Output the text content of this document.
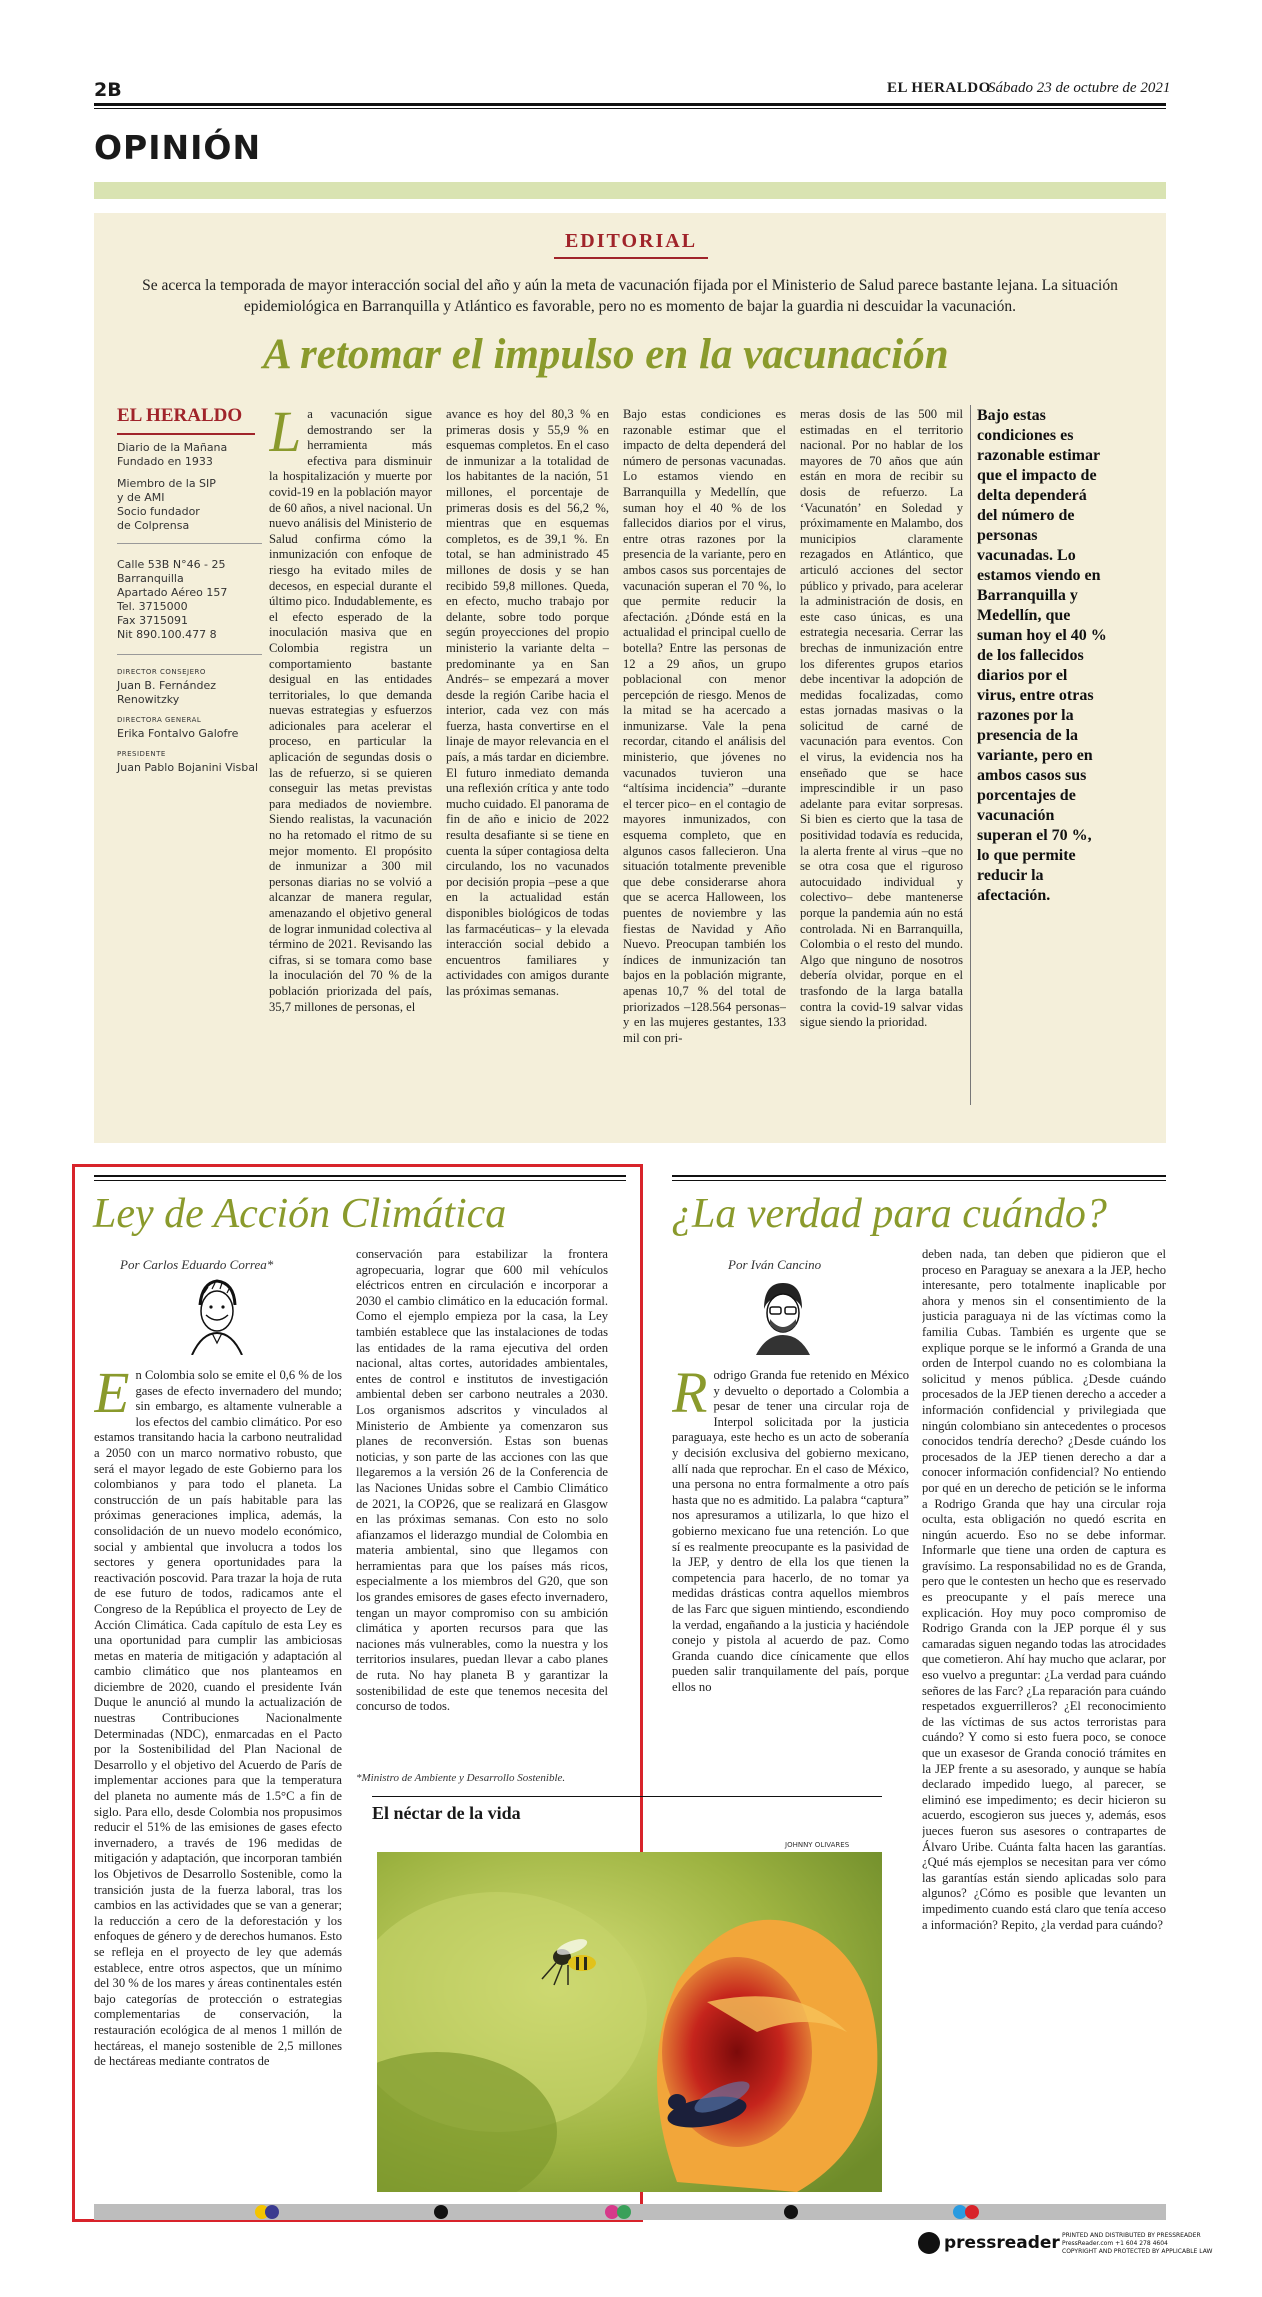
2B	EL HERALDO
Sábado 23 de octubre de 2021
OPINIÓN
EDITORIAL
Se acerca la temporada de mayor interacción social del año y aún la meta de vacunación fijada por el Ministerio de Salud parece bastante lejana. La situación epidemiológica en Barranquilla y Atlántico es favorable, pero no es momento de bajar la guardia ni descuidar la vacunación.
A retomar el impulso en la vacunación
EL HERALDO
Diario de la Mañana
Fundado en 1933
Miembro de la SIP
y de AMI
Socio fundador
de Colprensa
Calle 53B N°46 - 25
Barranquilla
Apartado Aéreo 157
Tel. 3715000
Fax 3715091
Nit 890.100.477 8
DIRECTOR CONSEJERO
Juan B. Fernández Renowitzky
DIRECTORA GENERAL
Erika Fontalvo Galofre
PRESIDENTE
Juan Pablo Bojanini Visbal
L a vacunación sigue demostrando ser la herramienta más efectiva para disminuir la hospitalización y muerte por covid-19 en la población mayor de 60 años, a nivel nacional. Un nuevo análisis del Ministerio de Salud confirma cómo la inmunización con enfoque de riesgo ha evitado miles de decesos, en especial durante el último pico. Indudablemente, es el efecto esperado de la inoculación masiva que en Colombia registra un comportamiento bastante desigual en las entidades territoriales, lo que demanda nuevas estrategias y esfuerzos adicionales para acelerar el proceso, en particular la aplicación de segundas dosis o las de refuerzo, si se quieren conseguir las metas previstas para mediados de noviembre. Siendo realistas, la vacunación no ha retomado el ritmo de su mejor momento. El propósito de inmunizar a 300 mil personas diarias no se volvió a alcanzar de manera regular, amenazando el objetivo general de lograr inmunidad colectiva al término de 2021. Revisando las cifras, si se tomara como base la inoculación del 70 % de la población priorizada del país, 35,7 millones de personas, el
avance es hoy del 80,3 % en primeras dosis y 55,9 % en esquemas completos. En el caso de inmunizar a la totalidad de los habitantes de la nación, 51 millones, el porcentaje de primeras dosis es del 56,2 %, mientras que en esquemas completos, es de 39,1 %. En total, se han administrado 45 millones de dosis y se han recibido 59,8 millones. Queda, en efecto, mucho trabajo por delante, sobre todo porque según proyecciones del propio ministerio la variante delta –predominante ya en San Andrés– se empezará a mover desde la región Caribe hacia el interior, cada vez con más fuerza, hasta convertirse en el linaje de mayor relevancia en el país, a más tardar en diciembre. El futuro inmediato demanda una reflexión crítica y ante todo mucho cuidado. El panorama de fin de año e inicio de 2022 resulta desafiante si se tiene en cuenta la súper contagiosa delta circulando, los no vacunados por decisión propia –pese a que en la actualidad están disponibles biológicos de todas las farmacéuticas– y la elevada interacción social debido a encuentros familiares y actividades con amigos durante las próximas semanas.
Bajo estas condiciones es razonable estimar que el impacto de delta dependerá del número de personas vacunadas. Lo estamos viendo en Barranquilla y Medellín, que suman hoy el 40 % de los fallecidos diarios por el virus, entre otras razones por la presencia de la variante, pero en ambos casos sus porcentajes de vacunación superan el 70 %, lo que permite reducir la afectación. ¿Dónde está en la actualidad el principal cuello de botella? Entre las personas de 12 a 29 años, un grupo poblacional con menor percepción de riesgo. Menos de la mitad se ha acercado a inmunizarse. Vale la pena recordar, citando el análisis del ministerio, que jóvenes no vacunados tuvieron una “altísima incidencia” –durante el tercer pico– en el contagio de mayores inmunizados, con esquema completo, que en algunos casos fallecieron. Una situación totalmente prevenible que debe considerarse ahora que se acerca Halloween, los puentes de noviembre y las fiestas de Navidad y Año Nuevo. Preocupan también los índices de inmunización tan bajos en la población migrante, apenas 10,7 % del total de priorizados –128.564 personas– y en las mujeres gestantes, 133 mil con pri-
meras dosis de las 500 mil estimadas en el territorio nacional. Por no hablar de los mayores de 70 años que aún están en mora de recibir su dosis de refuerzo. La ‘Vacunatón’ en Soledad y próximamente en Malambo, dos municipios claramente rezagados en Atlántico, que articuló acciones del sector público y privado, para acelerar la administración de dosis, en este caso únicas, es una estrategia necesaria. Cerrar las brechas de inmunización entre los diferentes grupos etarios debe incentivar la adopción de medidas focalizadas, como estas jornadas masivas o la solicitud de carné de vacunación para eventos. Con el virus, la evidencia nos ha enseñado que se hace imprescindible ir un paso adelante para evitar sorpresas. Si bien es cierto que la tasa de positividad todavía es reducida, la alerta frente al virus –que no se otra cosa que el riguroso autocuidado individual y colectivo– debe mantenerse porque la pandemia aún no está controlada. Ni en Barranquilla, Colombia o el resto del mundo. Algo que ninguno de nosotros debería olvidar, porque en el trasfondo de la larga batalla contra la covid-19 salvar vidas sigue siendo la prioridad.
Bajo estas condiciones es razonable estimar que el impacto de delta dependerá del número de personas vacunadas. Lo estamos viendo en Barranquilla y Medellín, que suman hoy el 40 % de los fallecidos diarios por el virus, entre otras razones por la presencia de la variante, pero en ambos casos sus porcentajes de vacunación superan el 70 %, lo que permite reducir la afectación.
Ley de Acción Climática
Por Carlos Eduardo Correa*
E n Colombia solo se emite el 0,6 % de los gases de efecto invernadero del mundo; sin embargo, es altamente vulnerable a los efectos del cambio climático. Por eso estamos transitando hacia la carbono neutralidad a 2050 con un marco normativo robusto, que será el mayor legado de este Gobierno para los colombianos y para todo el planeta. La construcción de un país habitable para las próximas generaciones implica, además, la consolidación de un nuevo modelo económico, social y ambiental que involucra a todos los sectores y genera oportunidades para la reactivación poscovid. Para trazar la hoja de ruta de ese futuro de todos, radicamos ante el Congreso de la República el proyecto de Ley de Acción Climática. Cada capítulo de esta Ley es una oportunidad para cumplir las ambiciosas metas en materia de mitigación y adaptación al cambio climático que nos planteamos en diciembre de 2020, cuando el presidente Iván Duque le anunció al mundo la actualización de nuestras Contribuciones Nacionalmente Determinadas (NDC), enmarcadas en el Pacto por la Sostenibilidad del Plan Nacional de Desarrollo y el objetivo del Acuerdo de París de implementar acciones para que la temperatura del planeta no aumente más de 1.5°C a fin de siglo. Para ello, desde Colombia nos propusimos reducir el 51% de las emisiones de gases efecto invernadero, a través de 196 medidas de mitigación y adaptación, que incorporan también los Objetivos de Desarrollo Sostenible, como la transición justa de la fuerza laboral, tras los cambios en las actividades que se van a generar; la reducción a cero de la deforestación y los enfoques de género y de derechos humanos. Esto se refleja en el proyecto de ley que además establece, entre otros aspectos, que un mínimo del 30 % de los mares y áreas continentales estén bajo categorías de protección o estrategias complementarias de conservación, la restauración ecológica de al menos 1 millón de hectáreas, el manejo sostenible de 2,5 millones de hectáreas mediante contratos de
conservación para estabilizar la frontera agropecuaria, lograr que 600 mil vehículos eléctricos entren en circulación e incorporar a 2030 el cambio climático en la educación formal. Como el ejemplo empieza por la casa, la Ley también establece que las instalaciones de todas las entidades de la rama ejecutiva del orden nacional, altas cortes, autoridades ambientales, entes de control e institutos de investigación ambiental deben ser carbono neutrales a 2030. Los organismos adscritos y vinculados al Ministerio de Ambiente ya comenzaron sus planes de reconversión. Estas son buenas noticias, y son parte de las acciones con las que llegaremos a la versión 26 de la Conferencia de las Naciones Unidas sobre el Cambio Climático de 2021, la COP26, que se realizará en Glasgow en las próximas semanas. Con esto no solo afianzamos el liderazgo mundial de Colombia en materia ambiental, sino que llegamos con herramientas para que los países más ricos, especialmente a los miembros del G20, que son los grandes emisores de gases efecto invernadero, tengan un mayor compromiso con su ambición climática y aporten recursos para que las naciones más vulnerables, como la nuestra y los territorios insulares, puedan llevar a cabo planes de ruta. No hay planeta B y garantizar la sostenibilidad de este que tenemos necesita del concurso de todos.
*Ministro de Ambiente y Desarrollo Sostenible.
El néctar de la vida
JOHNNY OLIVARES
¿La verdad para cuándo?
Por Iván Cancino
R odrigo Granda fue retenido en México y devuelto o deportado a Colombia a pesar de tener una circular roja de Interpol solicitada por la justicia paraguaya, este hecho es un acto de soberanía y decisión exclusiva del gobierno mexicano, allí nada que reprochar. En el caso de México, una persona no entra formalmente a otro país hasta que no es admitido. La palabra “captura” nos apresuramos a utilizarla, lo que hizo el gobierno mexicano fue una retención. Lo que sí es realmente preocupante es la pasividad de la JEP, y dentro de ella los que tienen la competencia para hacerlo, de no tomar ya medidas drásticas contra aquellos miembros de las Farc que siguen mintiendo, escondiendo la verdad, engañando a la justicia y haciéndole conejo y pistola al acuerdo de paz. Como Granda cuando dice cínicamente que ellos pueden salir tranquilamente del país, porque ellos no
deben nada, tan deben que pidieron que el proceso en Paraguay se anexara a la JEP, hecho interesante, pero totalmente inaplicable por ahora y menos sin el consentimiento de la justicia paraguaya ni de las víctimas como la familia Cubas. También es urgente que se explique porque se le informó a Granda de una orden de Interpol cuando no es colombiana la solicitud y menos pública. ¿Desde cuándo procesados de la JEP tienen derecho a acceder a información confidencial y privilegiada que ningún colombiano sin antecedentes o procesos conocidos tendría derecho? ¿Desde cuándo los procesados de la JEP tienen derecho a dar a conocer información confidencial? No entiendo por qué en un derecho de petición se le informa a Rodrigo Granda que hay una circular roja oculta, esta obligación no quedó escrita en ningún acuerdo. Eso no se debe informar. Informarle que tiene una orden de captura es gravísimo. La responsabilidad no es de Granda, pero que le contesten un hecho que es reservado es preocupante y el país merece una explicación. Hoy muy poco compromiso de Rodrigo Granda con la JEP porque él y sus camaradas siguen negando todas las atrocidades que cometieron. Ahí hay mucho que aclarar, por eso vuelvo a preguntar: ¿La verdad para cuándo señores de las Farc? ¿La reparación para cuándo respetados exguerrilleros? ¿El reconocimiento de las víctimas de sus actos terroristas para cuándo? Y como si esto fuera poco, se conoce que un exasesor de Granda conoció trámites en la JEP frente a su asesorado, y aunque se había declarado impedido luego, al parecer, se eliminó ese impedimento; es decir hicieron su acuerdo, escogieron sus jueces y, además, esos jueces fueron sus asesores o contrapartes de Álvaro Uribe. Cuánta falta hacen las garantías. ¿Qué más ejemplos se necesitan para ver cómo las garantías están siendo aplicadas solo para algunos? ¿Cómo es posible que levanten un impedimento cuando está claro que tenía acceso a información? Repito, ¿la verdad para cuándo?
pressreader PRINTED AND DISTRIBUTED BY PRESSREADER
PressReader.com +1 604 278 4604
COPYRIGHT AND PROTECTED BY APPLICABLE LAW
